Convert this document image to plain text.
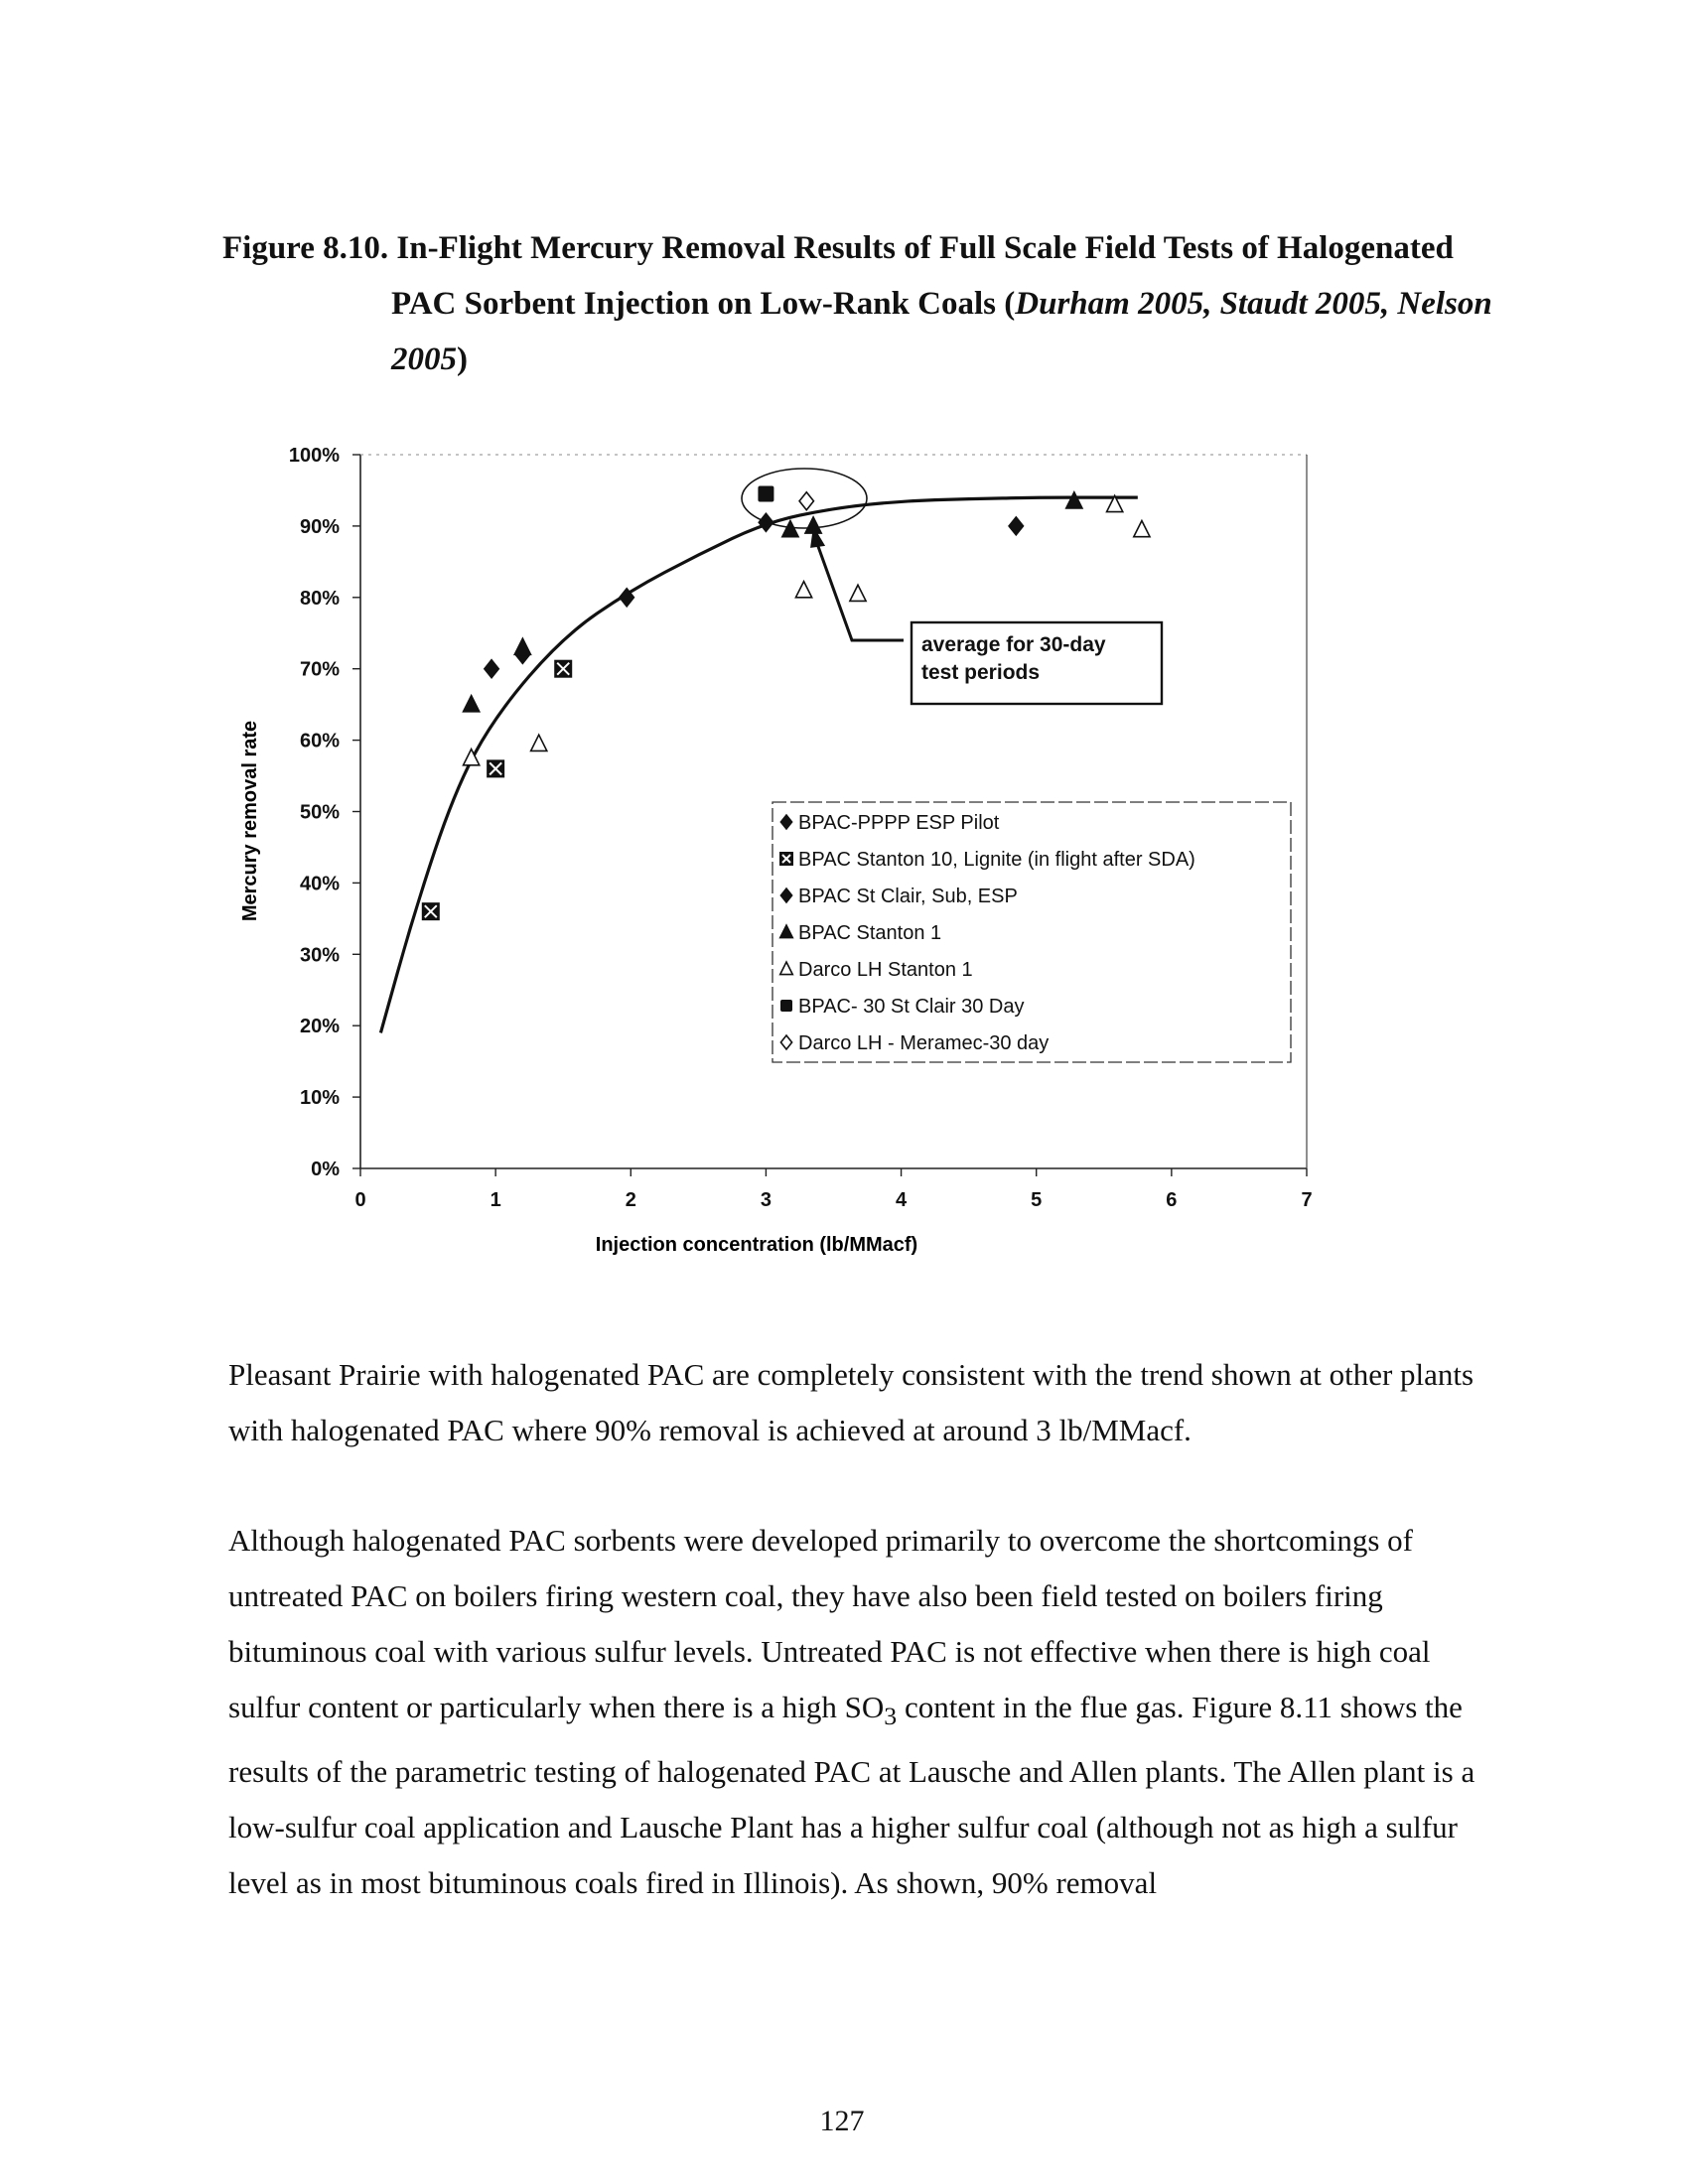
Figure 8.10. In-Flight Mercury Removal Results of Full Scale Field Tests of Halogenated
PAC Sorbent Injection on Low-Rank Coals (Durham 2005, Staudt 2005, Nelson 2005)
0%
10%
20%
30%
40%
50%
60%
70%
80%
90%
100%
0	1	2	3	4	5	6	7
Injection concentration (lb/MMacf)
Mercury removal rate
average for 30-day
test periods
BPAC-PPPP ESP Pilot
BPAC Stanton 10, Lignite (in flight after SDA)
BPAC St Clair, Sub, ESP
BPAC Stanton 1
Darco LH Stanton 1
BPAC- 30 St Clair 30 Day
Darco LH - Meramec-30 day
Pleasant Prairie with halogenated PAC are completely consistent with the trend shown at other plants with halogenated PAC where 90% removal is achieved at around 3 lb/MMacf.
Although halogenated PAC sorbents were developed primarily to overcome the shortcomings of untreated PAC on boilers firing western coal, they have also been field tested on boilers firing bituminous coal with various sulfur levels. Untreated PAC is not effective when there is high coal sulfur content or particularly when there is a high $SO_3$ content in the flue gas. Figure 8.11 shows the results of the parametric testing of halogenated PAC at Lausche and Allen plants. The Allen plant is a low-sulfur coal application and Lausche Plant has a higher sulfur coal (although not as high a sulfur level as in most bituminous coals fired in Illinois). As shown, 90% removal
127
